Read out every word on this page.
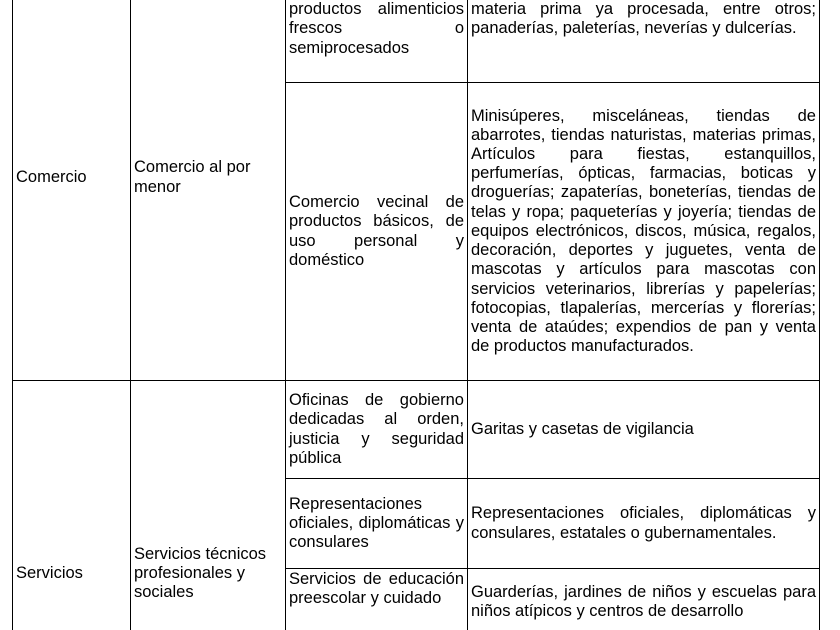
Comercio	Comercio al por menor	productos alimenticios frescos o semiprocesados	materia prima ya procesada, entre otros; panaderías, paleterías, neverías y dulcerías.

		Comercio vecinal de productos básicos, de uso personal y doméstico	Minisúperes, misceláneas, tiendas de abarrotes, tiendas naturistas, materias primas, Artículos para fiestas, estanquillos, perfumerías, ópticas, farmacias, boticas y droguerías; zapaterías, boneterías, tiendas de telas y ropa; paqueterías y joyería; tiendas de equipos electrónicos, discos, música, regalos, decoración, deportes y juguetes, venta de mascotas y artículos para mascotas con servicios veterinarios, librerías y papelerías; fotocopias, tlapalerías, mercerías y florerías; venta de ataúdes; expendios de pan y venta de productos manufacturados.

Servicios	Servicios técnicos profesionales y sociales	Oficinas de gobierno dedicadas al orden, justicia y seguridad pública	Garitas y casetas de vigilancia

		Representaciones oficiales, diplomáticas y consulares	Representaciones oficiales, diplomáticas y consulares, estatales o gubernamentales.

		Servicios de educación preescolar y cuidado	Guarderías, jardines de niños y escuelas para niños atípicos y centros de desarrollo
